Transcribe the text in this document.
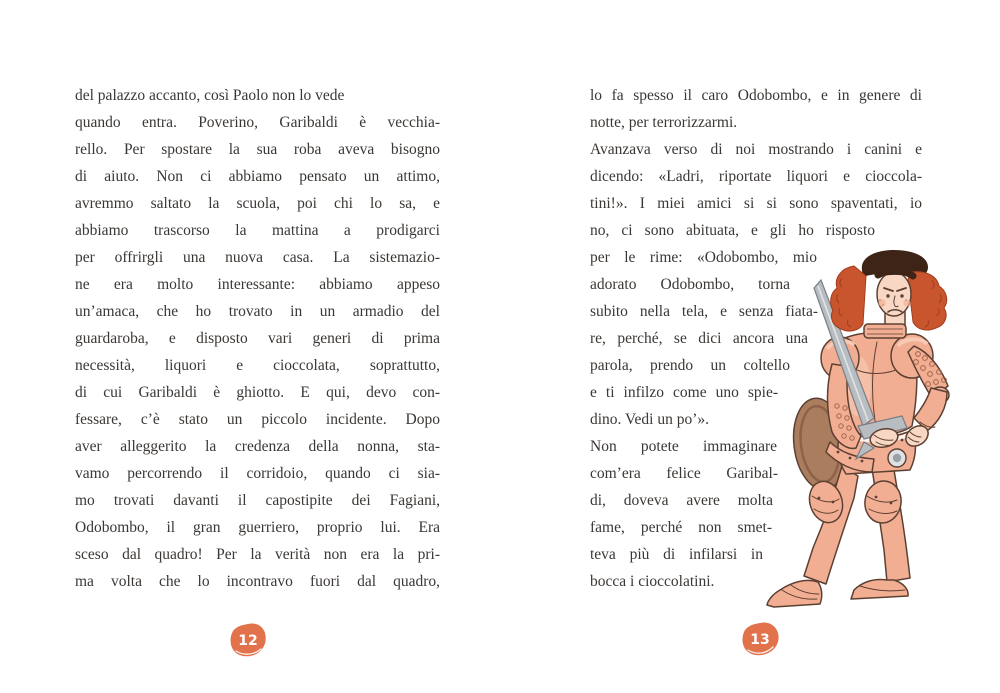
del palazzo accanto, così Paolo non lo vede
quando entra. Poverino, Garibaldi è vecchia-
rello. Per spostare la sua roba aveva bisogno
di aiuto. Non ci abbiamo pensato un attimo,
avremmo saltato la scuola, poi chi lo sa, e
abbiamo trascorso la mattina a prodigarci
per offrirgli una nuova casa. La sistemazio-
ne era molto interessante: abbiamo appeso
un’amaca, che ho trovato in un armadio del
guardaroba, e disposto vari generi di prima
necessità, liquori e cioccolata, soprattutto,
di cui Garibaldi è ghiotto. E qui, devo con-
fessare, c’è stato un piccolo incidente. Dopo
aver alleggerito la credenza della nonna, sta-
vamo percorrendo il corridoio, quando ci sia-
mo trovati davanti il capostipite dei Fagiani,
Odobombo, il gran guerriero, proprio lui. Era
sceso dal quadro! Per la verità non era la pri-
ma volta che lo incontravo fuori dal quadro,
12
lo fa spesso il caro Odobombo, e in genere di
notte, per terrorizzarmi.
Avanzava verso di noi mostrando i canini e
dicendo: «Ladri, riportate liquori e cioccola-
tini!». I miei amici si si sono spaventati, io
no, ci sono abituata, e gli ho risposto
per le rime: «Odobombo, mio
adorato Odobombo, torna
subito nella tela, e senza fiata-
re, perché, se dici ancora una
parola, prendo un coltello
e ti infilzo come uno spie-
dino. Vedi un po’».
Non potete immaginare
com’era felice Garibal-
di, doveva avere molta
fame, perché non smet-
teva più di infilarsi in
bocca i cioccolatini.
13
